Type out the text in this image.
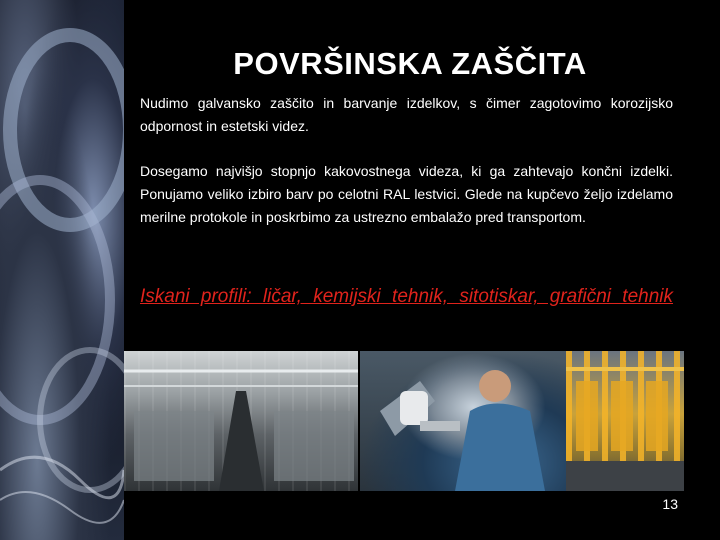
POVRŠINSKA ZAŠČITA
Nudimo galvansko zaščito in barvanje izdelkov, s čimer zagotovimo korozijsko odpornost in estetski videz.
Dosegamo najvišjo stopnjo kakovostnega videza, ki ga zahtevajo končni izdelki. Ponujamo veliko izbiro barv po celotni RAL lestvici. Glede na kupčevo željo izdelamo merilne protokole in poskrbimo za ustrezno embalažo pred transportom.
Iskani profili: ličar, kemijski tehnik, sitotiskar, grafični tehnik
13
